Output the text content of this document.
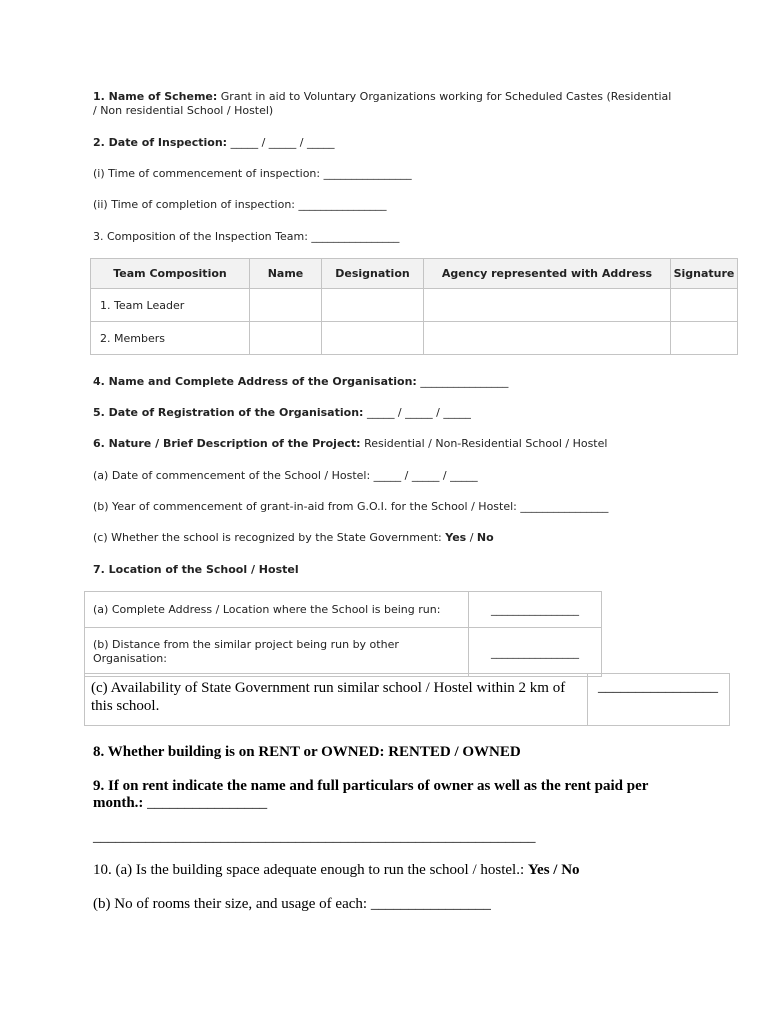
1. Name of Scheme: Grant in aid to Voluntary Organizations working for Scheduled Castes (Residential
/ Non residential School / Hostel)
2. Date of Inspection: _____ / _____ / _____
(i) Time of commencement of inspection: ________________
(ii) Time of completion of inspection: ________________
3. Composition of the Inspection Team: ________________
Team Composition	Name	Designation	Agency represented with Address	Signature
1. Team Leader				
2. Members				
4. Name and Complete Address of the Organisation: ________________
5. Date of Registration of the Organisation: _____ / _____ / _____
6. Nature / Brief Description of the Project: Residential / Non-Residential School / Hostel
(a) Date of commencement of the School / Hostel: _____ / _____ / _____
(b) Year of commencement of grant-in-aid from G.O.I. for the School / Hostel: ________________
(c) Whether the school is recognized by the State Government: Yes / No
7. Location of the School / Hostel
(a) Complete Address / Location where the School is being run:	________________
(b) Distance from the similar project being run by other Organisation:	________________
(c) Availability of State Government run similar school / Hostel within 2 km of this school.	________________
8. Whether building is on RENT or OWNED: RENTED / OWNED
9. If on rent indicate the name and full particulars of owner as well as the rent paid per
month.: ________________
___________________________________________________________
10. (a) Is the building space adequate enough to run the school / hostel.: Yes / No
(b) No of rooms their size, and usage of each: ________________
